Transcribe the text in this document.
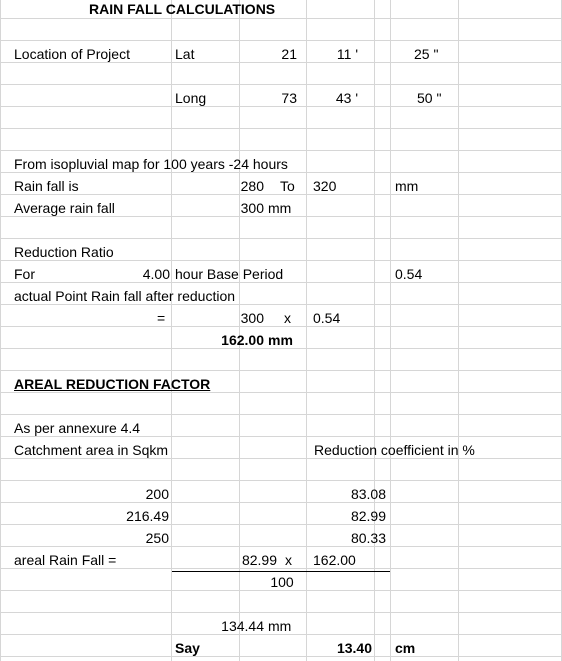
RAIN FALL CALCULATIONS
Location of Project	Lat	21	11 '	25 "
Long	73	43 '	50 "
From isopluvial map for 100 years -24 hours
Rain fall is	280 To 320	mm
Average rain fall	300 mm
Reduction Ratio
For	4.00 hour Base Period	0.54
actual Point Rain fall after reduction
=	300 x 0.54
162.00 mm
AREAL REDUCTION FACTOR
As per annexure 4.4
Catchment area in Sqkm	Reduction coefficient in %
200	83.08
216.49	82.99
250	80.33
areal Rain Fall =	82.99 x 162.00
100
134.44 mm
Say	13.40 cm
